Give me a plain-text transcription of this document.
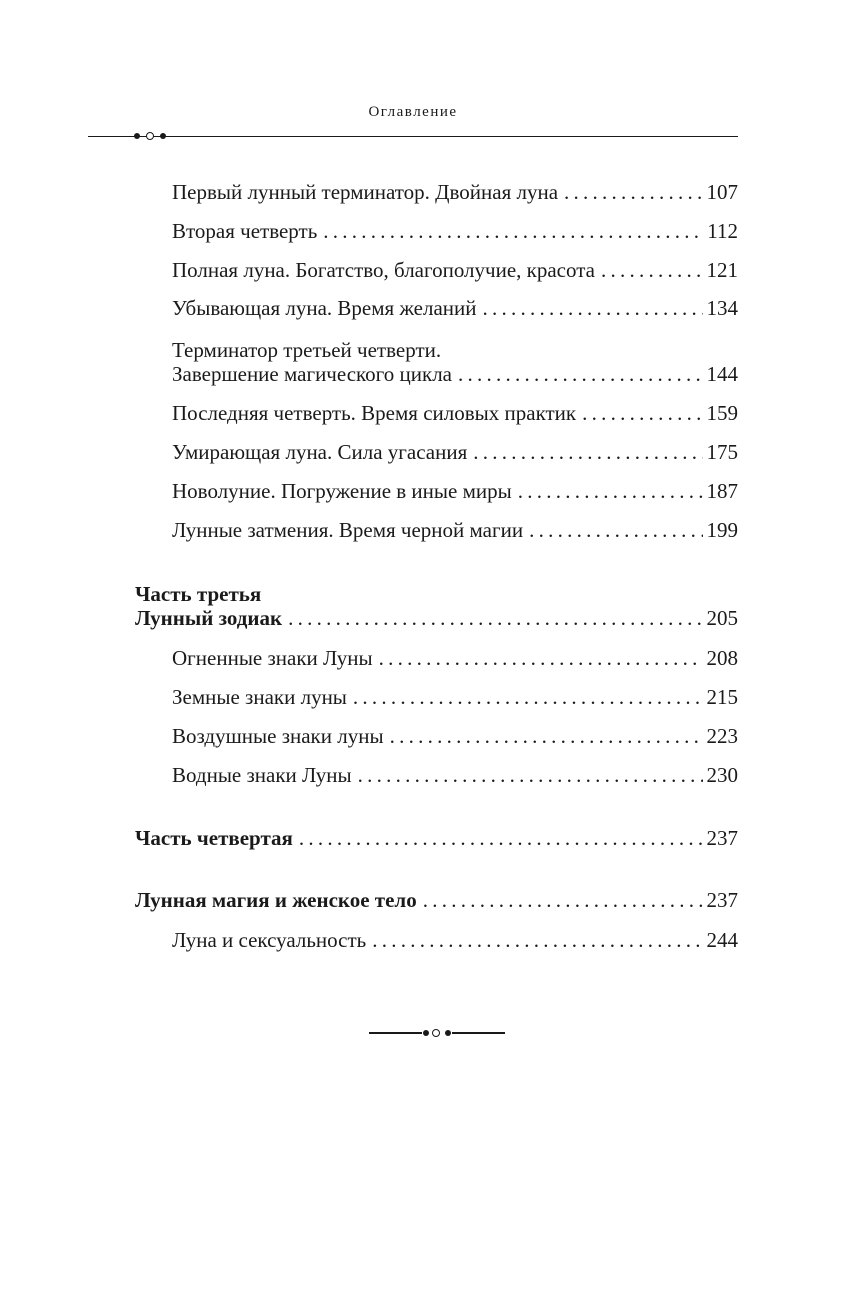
Оглавление
Первый лунный терминатор. Двойная луна . . .	107
Вторая четверть . . .	112
Полная луна. Богатство, благополучие, красота . . .	121
Убывающая луна. Время желаний . . .	134
Терминатор третьей четверти.
Завершение магического цикла . . .	144
Последняя четверть. Время силовых практик . . .	159
Умирающая луна. Сила угасания . . .	175
Новолуние. Погружение в иные миры . . .	187
Лунные затмения. Время черной магии . . .	199
Часть третья
Лунный зодиак . . .	205
Огненные знаки Луны . . .	208
Земные знаки луны . . .	215
Воздушные знаки луны . . .	223
Водные знаки Луны . . .	230
Часть четвертая . . .	237
Лунная магия и женское тело . . .	237
Луна и сексуальность . . .	244
